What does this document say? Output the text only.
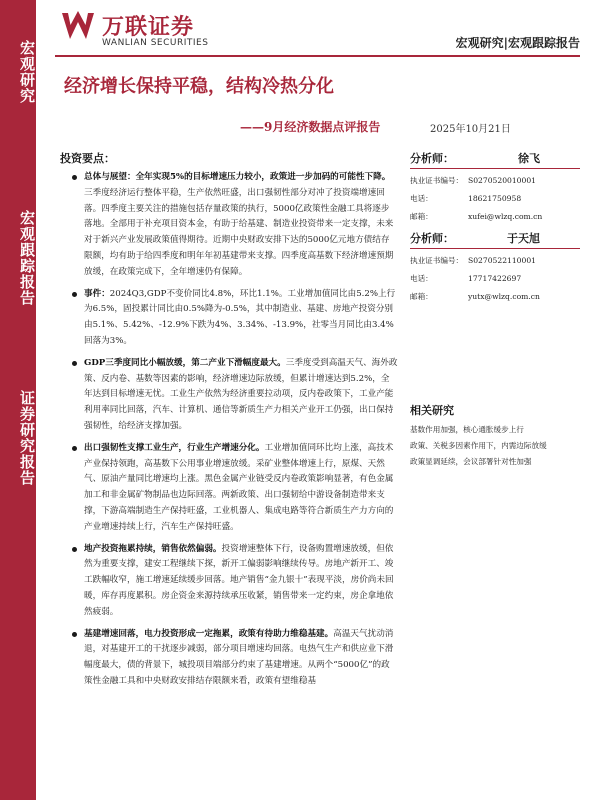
宏观研究
宏观跟踪报告
证券研究报告
万联证券
WANLIAN SECURITIES	宏观研究|宏观跟踪报告
经济增长保持平稳，结构冷热分化
——9月经济数据点评报告	2025年10月21日
投资要点：
总体与展望：全年实现5%的目标增速压力较小，政策进一步加码的可能性下降。三季度经济运行整体平稳，生产依然旺盛，出口强韧性部分对冲了投资端增速回落。四季度主要关注的措施包括存量政策的执行，5000亿政策性金融工具将逐步落地。全部用于补充项目资本金，有助于给基建、制造业投资带来一定支撑，未来对于新兴产业发展政策值得期待。近期中央财政安排下达的5000亿元地方债结存限额，均有助于给四季度和明年年初基建带来支撑。四季度高基数下经济增速预期放缓，在政策完成下，全年增速仍有保障。
事件：2024Q3,GDP不变价同比4.8%，环比1.1%。工业增加值同比由5.2%上行为6.5%，固投累计同比由0.5%降为-0.5%，其中制造业、基建、房地产投资分别由5.1%、5.42%、-12.9%下跌为4%、3.34%、-13.9%，社零当月同比由3.4%回落为3%。
GDP三季度同比小幅放缓，第二产业下滑幅度最大。三季度受到高温天气、海外政策、反内卷、基数等因素的影响，经济增速边际放缓，但累计增速达到5.2%，全年达到目标增速无忧。工业生产依然为经济重要拉动项，反内卷政策下，工业产能利用率同比回落，汽车、计算机、通信等新质生产力相关产业开工仍强，出口保持强韧性，给经济支撑加强。
出口强韧性支撑工业生产，行业生产增速分化。工业增加值同环比均上涨，高技术产业保持领跑，高基数下公用事业增速放缓。采矿业整体增速上行，原煤、天然气、原油产量同比增速均上涨。黑色金属产业链受反内卷政策影响显著，有色金属加工和非金属矿物制品也边际回落。两新政策、出口强韧给中游设备制造带来支撑，下游高端制造生产保持旺盛，工业机器人、集成电路等符合新质生产力方向的产业增速持续上行，汽车生产保持旺盛。
地产投资拖累持续，销售依然偏弱。投资增速整体下行，设备购置增速放缓，但依然为重要支撑，建安工程继续下探，新开工偏弱影响继续传导。房地产新开工、竣工跌幅收窄，施工增速延续缓步回落。地产销售“金九银十”表现平淡，房价尚未回暖，库存再度累积。房企资金来源持续承压收紧，销售带来一定约束，房企拿地依然疲弱。
基建增速回落，电力投资形成一定拖累，政策有待助力维稳基建。高温天气扰动消退，对基建开工的干扰逐步减弱，部分项目增速均回落。电热气生产和供应业下滑幅度最大，债的背景下，城投项目端部分约束了基建增速。从两个“5000亿”的政策性金融工具和中央财政安排结存限额来看，政策有望维稳基
分析师：	徐飞
执业证书编号： S0270520010001
电话：	18621750958
邮箱：	xufei@wlzq.com.cn
分析师：	于天旭
执业证书编号： S0270522110001
电话：	17717422697
邮箱：	yutx@wlzq.com.cn
相关研究
基数作用加强，核心通胀缓步上行
政策、关税多因素作用下，内需边际放缓
政策显调延续，会议部署针对性加强
